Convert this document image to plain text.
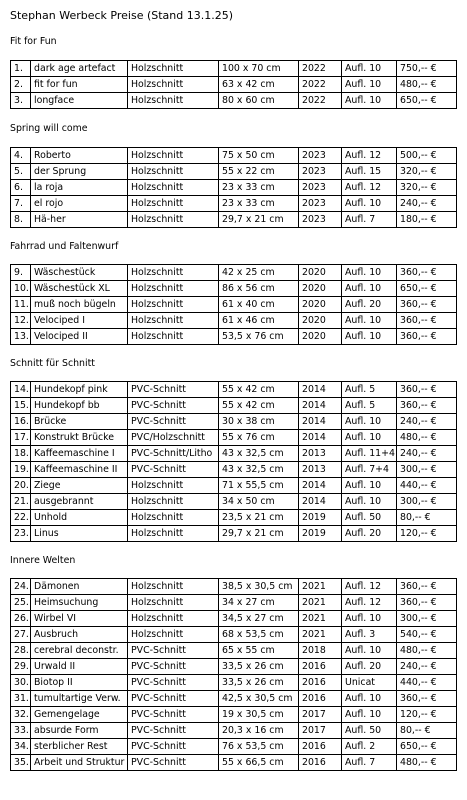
Stephan Werbeck Preise (Stand 13.1.25)
Fit for Fun
1.	dark age artefact	Holzschnitt	100 x 70 cm	2022	Aufl. 10	750,-- €
2.	fit for fun	Holzschnitt	63 x 42 cm	2022	Aufl. 10	480,-- €
3.	longface	Holzschnitt	80 x 60 cm	2022	Aufl. 10	650,-- €
Spring will come
4.	Roberto	Holzschnitt	75 x 50 cm	2023	Aufl. 12	500,-- €
5.	der Sprung	Holzschnitt	55 x 22 cm	2023	Aufl. 15	320,-- €
6.	la roja	Holzschnitt	23 x 33 cm	2023	Aufl. 12	320,-- €
7.	el rojo	Holzschnitt	23 x 33 cm	2023	Aufl. 10	240,-- €
8.	Hä-her	Holzschnitt	29,7 x 21 cm	2023	Aufl. 7	180,-- €
Fahrrad und Faltenwurf
9.	Wäschestück	Holzschnitt	42 x 25 cm	2020	Aufl. 10	360,-- €
10.	Wäschestück XL	Holzschnitt	86 x 56 cm	2020	Aufl. 10	650,-- €
11.	muß noch bügeln	Holzschnitt	61 x 40 cm	2020	Aufl. 20	360,-- €
12.	Velociped I	Holzschnitt	61 x 46 cm	2020	Aufl. 10	360,-- €
13.	Velociped II	Holzschnitt	53,5 x 76 cm	2020	Aufl. 10	360,-- €
Schnitt für Schnitt
14.	Hundekopf pink	PVC-Schnitt	55 x 42 cm	2014	Aufl. 5	360,-- €
15.	Hundekopf bb	PVC-Schnitt	55 x 42 cm	2014	Aufl. 5	360,-- €
16.	Brücke	PVC-Schnitt	30 x 38 cm	2014	Aufl. 10	240,-- €
17.	Konstrukt Brücke	PVC/Holzschnitt	55 x 76 cm	2014	Aufl. 10	480,-- €
18.	Kaffeemaschine I	PVC-Schnitt/Litho	43 x 32,5 cm	2013	Aufl. 11+4	240,-- €
19.	Kaffeemaschine II	PVC-Schnitt	43 x 32,5 cm	2013	Aufl. 7+4	300,-- €
20.	Ziege	Holzschnitt	71 x 55,5 cm	2014	Aufl. 10	440,-- €
21.	ausgebrannt	Holzschnitt	34 x 50 cm	2014	Aufl. 10	300,-- €
22.	Unhold	Holzschnitt	23,5 x 21 cm	2019	Aufl. 50	80,-- €
23.	Linus	Holzschnitt	29,7 x 21 cm	2019	Aufl. 20	120,-- €
Innere Welten
24.	Dämonen	Holzschnitt	38,5 x 30,5 cm	2021	Aufl. 12	360,-- €
25.	Heimsuchung	Holzschnitt	34 x 27 cm	2021	Aufl. 12	360,-- €
26.	Wirbel VI	Holzschnitt	34,5 x 27 cm	2021	Aufl. 10	300,-- €
27.	Ausbruch	Holzschnitt	68 x 53,5 cm	2021	Aufl. 3	540,-- €
28.	cerebral deconstr.	PVC-Schnitt	65 x 55 cm	2018	Aufl. 10	480,-- €
29.	Urwald II	PVC-Schnitt	33,5 x 26 cm	2016	Aufl. 20	240,-- €
30.	Biotop II	PVC-Schnitt	33,5 x 26 cm	2016	Unicat	440,-- €
31.	tumultartige Verw.	PVC-Schnitt	42,5 x 30,5 cm	2016	Aufl. 10	360,-- €
32.	Gemengelage	PVC-Schnitt	19 x 30,5 cm	2017	Aufl. 10	120,-- €
33.	absurde Form	PVC-Schnitt	20,3 x 16 cm	2017	Aufl. 50	80,-- €
34.	sterblicher Rest	PVC-Schnitt	76 x 53,5 cm	2016	Aufl. 2	650,-- €
35.	Arbeit und Struktur	PVC-Schnitt	55 x 66,5 cm	2016	Aufl. 7	480,-- €
